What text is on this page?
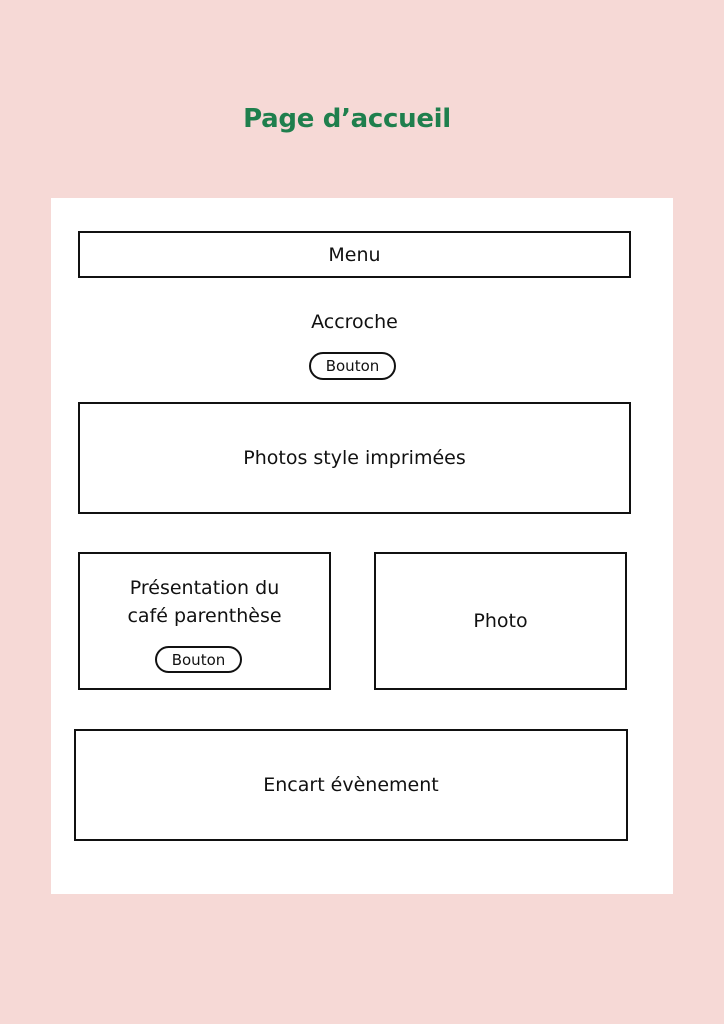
Page d’accueil
Menu
Accroche
Bouton
Photos style imprimées
Présentation du
café parenthèse
Bouton
Photo
Encart évènement
